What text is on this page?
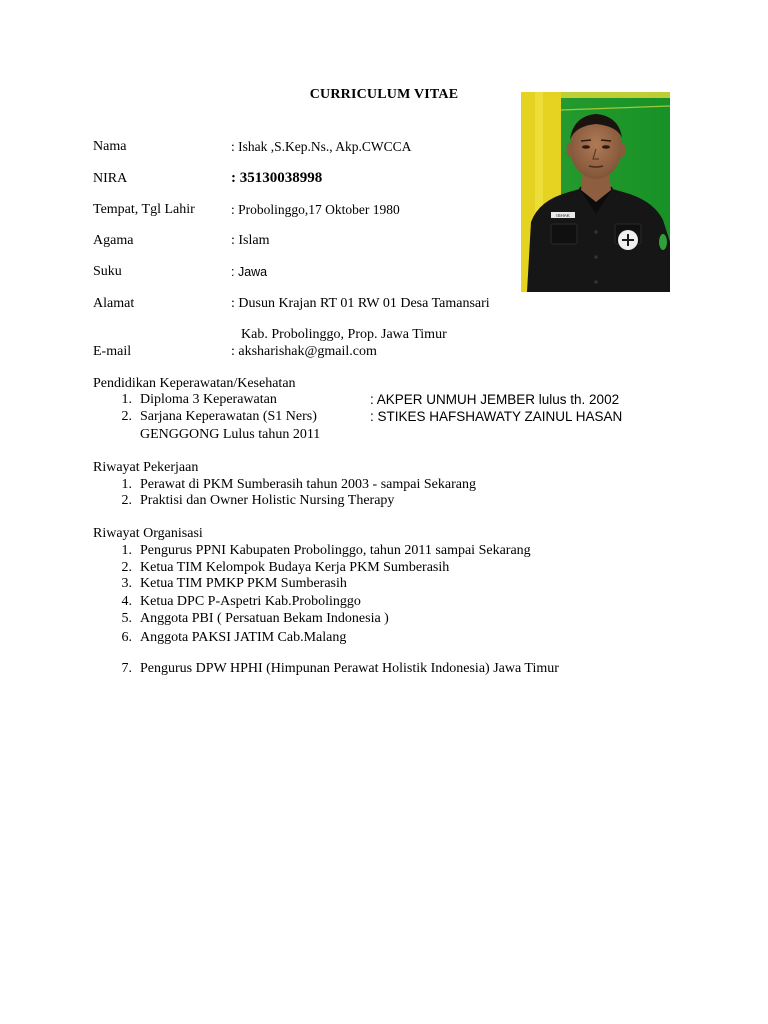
CURRICULUM VITAE
Nama	: Ishak ,S.Kep.Ns., Akp.CWCCA
NIRA	: 35130038998
Tempat, Tgl Lahir	: Probolinggo,17 Oktober 1980
Agama	: Islam
Suku	: Jawa
Alamat	: Dusun Krajan RT 01 RW 01 Desa Tamansari
Kab. Probolinggo, Prop. Jawa Timur
E-mail	: aksharishak@gmail.com
Pendidikan Keperawatan/Kesehatan
1. Diploma 3 Keperawatan	: AKPER UNMUH JEMBER lulus th. 2002
2. Sarjana Keperawatan (S1 Ners)	: STIKES HAFSHAWATY ZAINUL HASAN
GENGGONG Lulus tahun 2011
Riwayat Pekerjaan
1. Perawat di PKM Sumberasih tahun 2003 - sampai Sekarang
2. Praktisi dan Owner Holistic Nursing Therapy
Riwayat Organisasi
1. Pengurus PPNI Kabupaten Probolinggo, tahun 2011 sampai Sekarang
2. Ketua TIM Kelompok Budaya Kerja PKM Sumberasih
3. Ketua TIM PMKP PKM Sumberasih
4. Ketua DPC P-Aspetri Kab.Probolinggo
5. Anggota PBI ( Persatuan Bekam Indonesia )
6. Anggota PAKSI JATIM Cab.Malang
7. Pengurus DPW HPHI (Himpunan Perawat Holistik Indonesia) Jawa Timur
ISHAK
